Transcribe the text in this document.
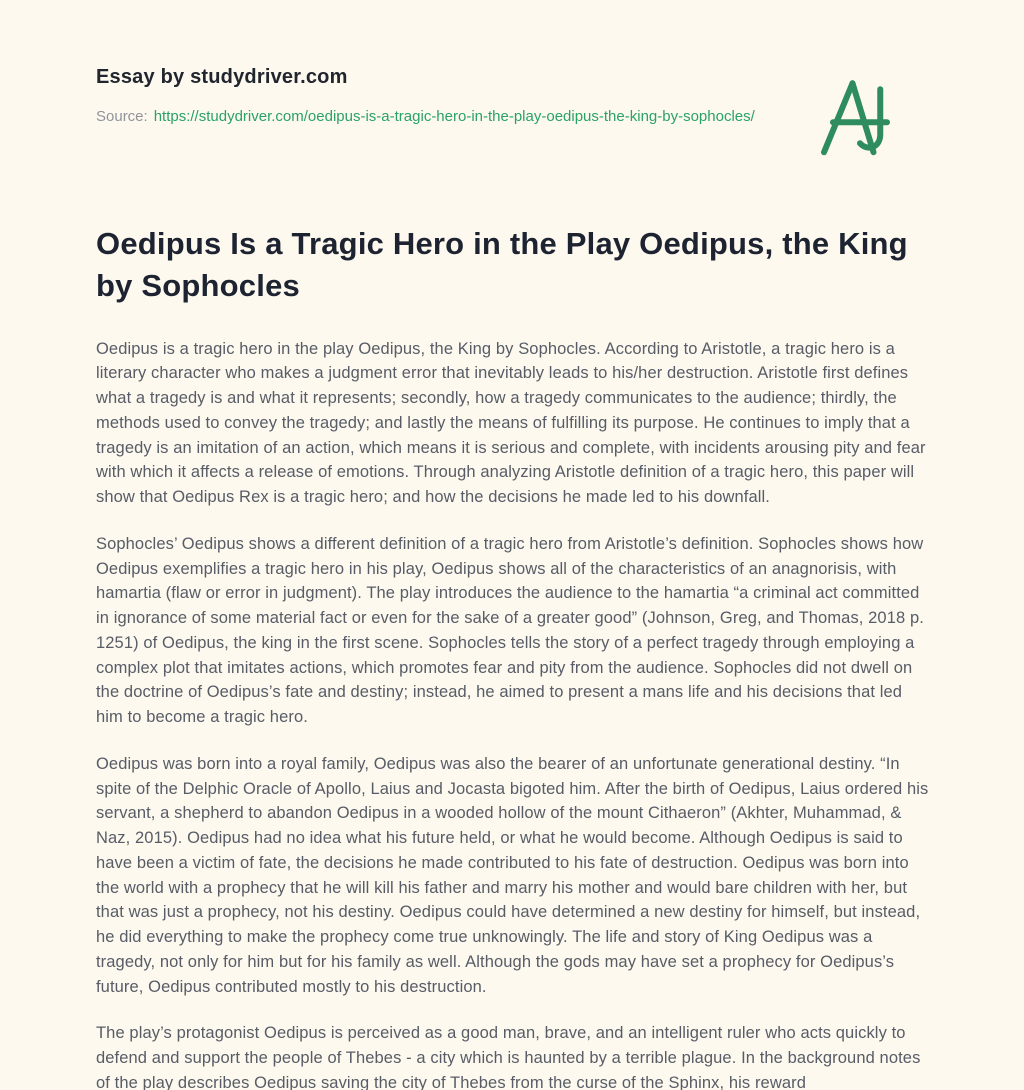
Essay by studydriver.com
Source: https://studydriver.com/oedipus-is-a-tragic-hero-in-the-play-oedipus-the-king-by-sophocles/
Oedipus Is a Tragic Hero in the Play Oedipus, the King by Sophocles

Oedipus is a tragic hero in the play Oedipus, the King by Sophocles. According to Aristotle, a tragic hero is a literary character who makes a judgment error that inevitably leads to his/her destruction. Aristotle first defines what a tragedy is and what it represents; secondly, how a tragedy communicates to the audience; thirdly, the methods used to convey the tragedy; and lastly the means of fulfilling its purpose. He continues to imply that a tragedy is an imitation of an action, which means it is serious and complete, with incidents arousing pity and fear with which it affects a release of emotions. Through analyzing Aristotle definition of a tragic hero, this paper will show that Oedipus Rex is a tragic hero; and how the decisions he made led to his downfall.

Sophocles’ Oedipus shows a different definition of a tragic hero from Aristotle’s definition. Sophocles shows how Oedipus exemplifies a tragic hero in his play, Oedipus shows all of the characteristics of an anagnorisis, with hamartia (flaw or error in judgment). The play introduces the audience to the hamartia “a criminal act committed in ignorance of some material fact or even for the sake of a greater good” (Johnson, Greg, and Thomas, 2018 p. 1251) of Oedipus, the king in the first scene. Sophocles tells the story of a perfect tragedy through employing a complex plot that imitates actions, which promotes fear and pity from the audience. Sophocles did not dwell on the doctrine of Oedipus’s fate and destiny; instead, he aimed to present a mans life and his decisions that led him to become a tragic hero.

Oedipus was born into a royal family, Oedipus was also the bearer of an unfortunate generational destiny. “In spite of the Delphic Oracle of Apollo, Laius and Jocasta bigoted him. After the birth of Oedipus, Laius ordered his servant, a shepherd to abandon Oedipus in a wooded hollow of the mount Cithaeron” (Akhter, Muhammad, & Naz, 2015). Oedipus had no idea what his future held, or what he would become. Although Oedipus is said to have been a victim of fate, the decisions he made contributed to his fate of destruction. Oedipus was born into the world with a prophecy that he will kill his father and marry his mother and would bare children with her, but that was just a prophecy, not his destiny. Oedipus could have determined a new destiny for himself, but instead, he did everything to make the prophecy come true unknowingly. The life and story of King Oedipus was a tragedy, not only for him but for his family as well. Although the gods may have set a prophecy for Oedipus’s future, Oedipus contributed mostly to his destruction.

The play’s protagonist Oedipus is perceived as a good man, brave, and an intelligent ruler who acts quickly to defend and support the people of Thebes - a city which is haunted by a terrible plague. In the background notes of the play describes Oedipus saving the city of Thebes from the curse of the Sphinx, his reward
